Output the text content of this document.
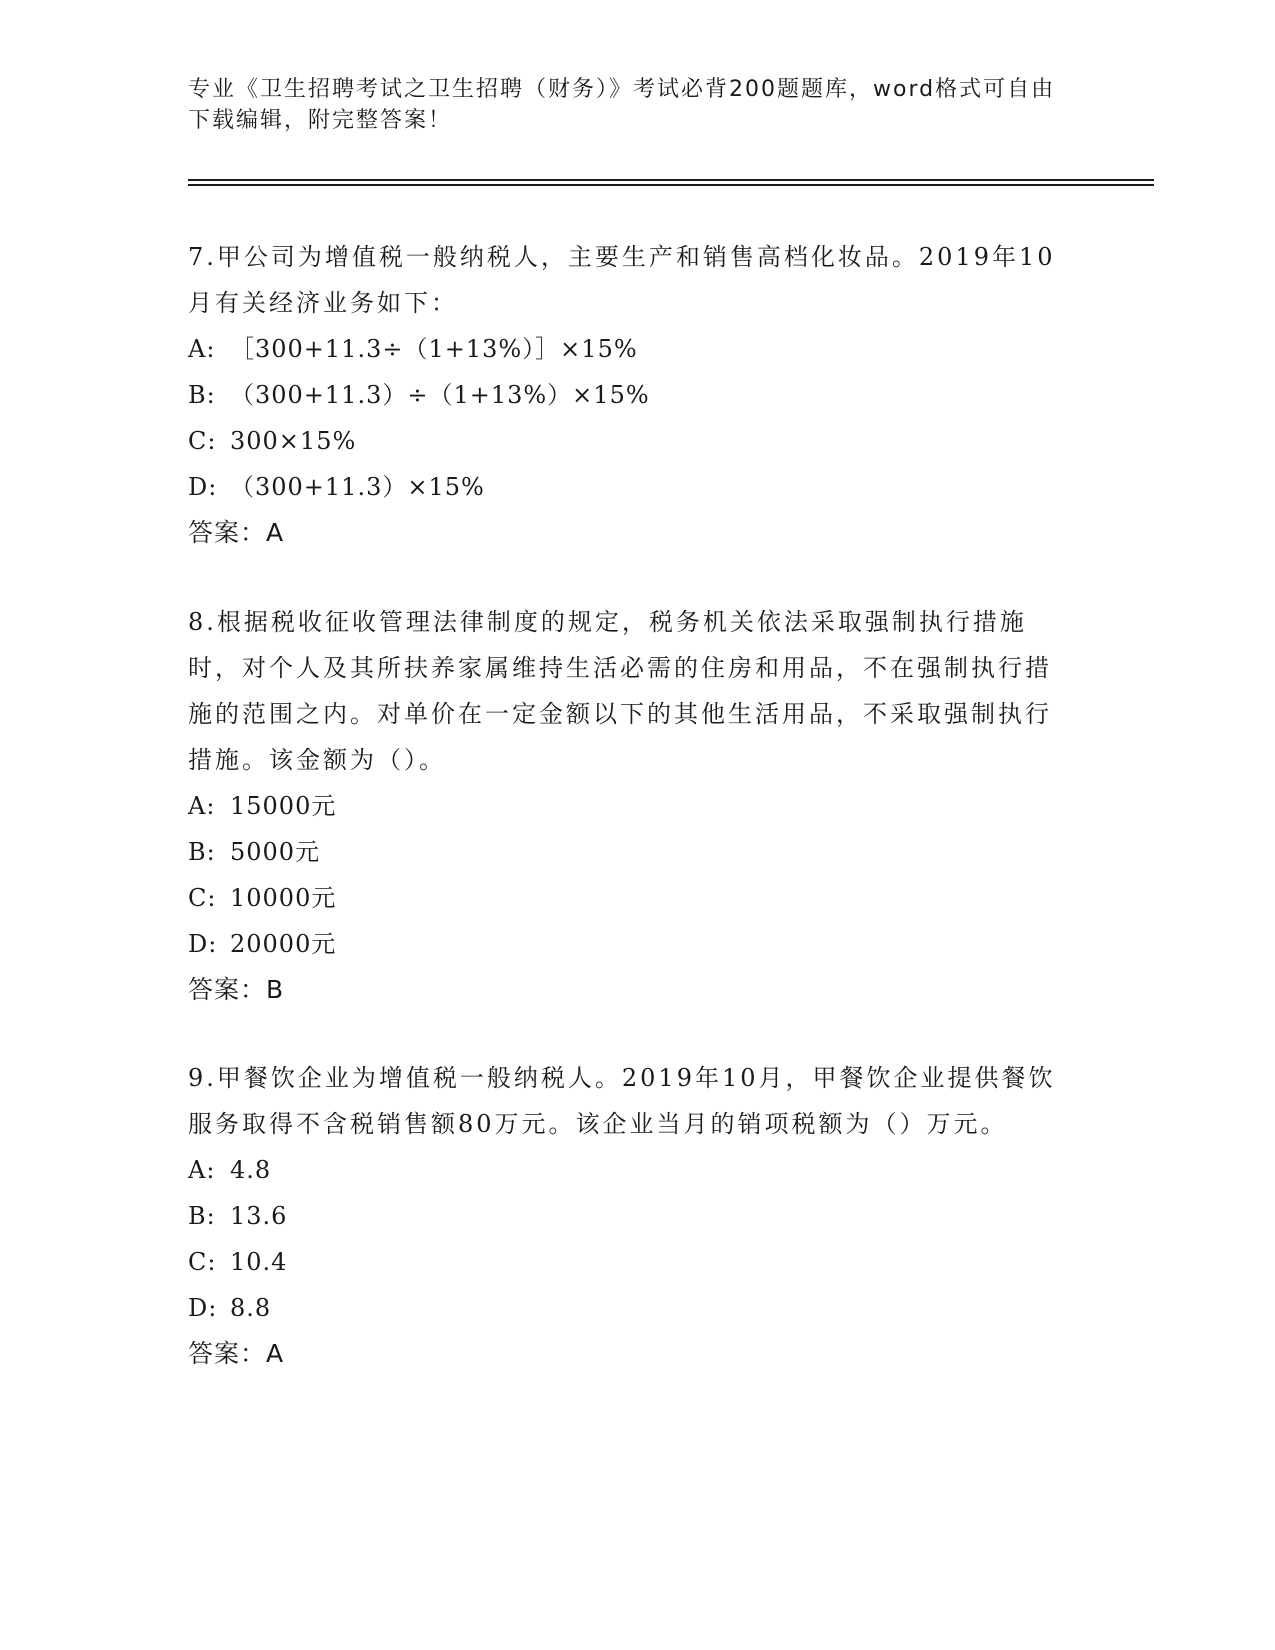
专业《卫生招聘考试之卫生招聘（财务）》考试必背200题题库，word格式可自由下载编辑，附完整答案！

7.甲公司为增值税一般纳税人，主要生产和销售高档化妆品。2019年10月有关经济业务如下：

A: ［300+11.3÷（1+13%）］×15%

B: （300+11.3）÷（1+13%）×15%

C: 300×15%

D: （300+11.3）×15%

答案：A

8.根据税收征收管理法律制度的规定，税务机关依法采取强制执行措施时，对个人及其所扶养家属维持生活必需的住房和用品，不在强制执行措施的范围之内。对单价在一定金额以下的其他生活用品，不采取强制执行措施。该金额为（）。

A: 15000元

B: 5000元

C: 10000元

D: 20000元

答案：B

9.甲餐饮企业为增值税一般纳税人。2019年10月，甲餐饮企业提供餐饮服务取得不含税销售额80万元。该企业当月的销项税额为（）万元。

A: 4.8

B: 13.6

C: 10.4

D: 8.8

答案：A
